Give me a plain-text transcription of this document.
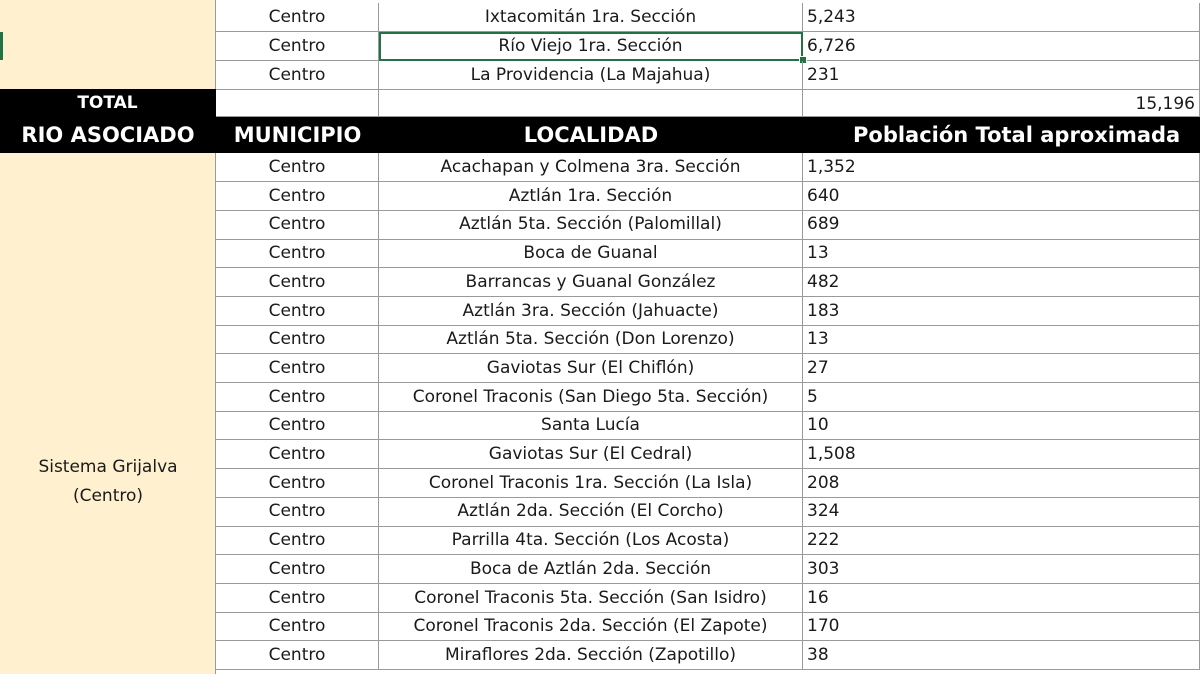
Centro	Ixtacomitán 1ra. Sección	5,243
Centro	Río Viejo 1ra. Sección	6,726
Centro	La Providencia (La Majahua)	231
TOTAL	15,196
RIO ASOCIADO	MUNICIPIO	LOCALIDAD	Población Total aproximada
Sistema Grijalva
(Centro)
Centro	Acachapan y Colmena 3ra. Sección	1,352
Centro	Aztlán 1ra. Sección	640
Centro	Aztlán 5ta. Sección (Palomillal)	689
Centro	Boca de Guanal	13
Centro	Barrancas y Guanal González	482
Centro	Aztlán 3ra. Sección (Jahuacte)	183
Centro	Aztlán 5ta. Sección (Don Lorenzo)	13
Centro	Gaviotas Sur (El Chiflón)	27
Centro	Coronel Traconis (San Diego 5ta. Sección)	5
Centro	Santa Lucía	10
Centro	Gaviotas Sur (El Cedral)	1,508
Centro	Coronel Traconis 1ra. Sección (La Isla)	208
Centro	Aztlán 2da. Sección (El Corcho)	324
Centro	Parrilla 4ta. Sección (Los Acosta)	222
Centro	Boca de Aztlán 2da. Sección	303
Centro	Coronel Traconis 5ta. Sección (San Isidro)	16
Centro	Coronel Traconis 2da. Sección (El Zapote)	170
Centro	Miraflores 2da. Sección (Zapotillo)	38
